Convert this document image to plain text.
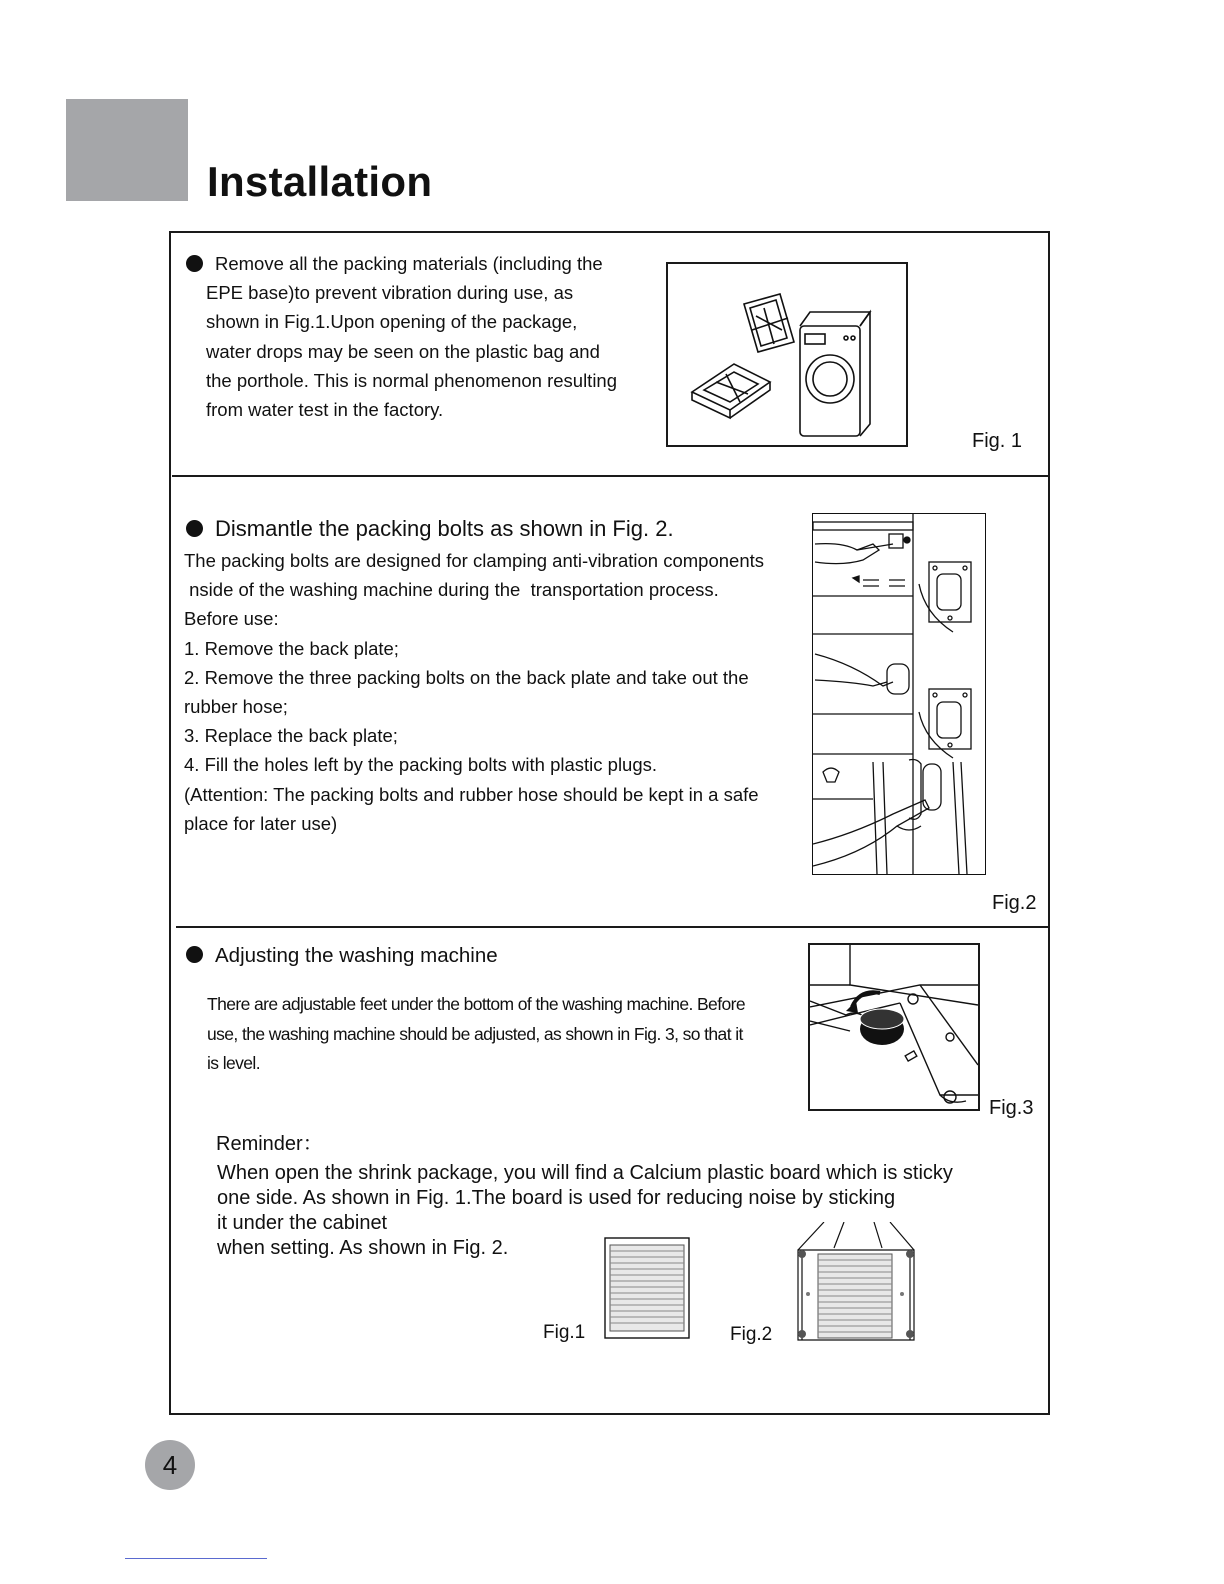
Installation
Remove all the packing materials (including the
EPE base)to prevent vibration during use, as
shown in Fig.1.Upon opening of the package,
water drops may be seen on the plastic bag and
the porthole. This is normal phenomenon resulting
from water test in the factory.
Fig. 1
Dismantle the packing bolts as shown in Fig. 2.
The packing bolts are designed for clamping anti-vibration components
nside of the washing machine during the  transportation process.
Before use:
1. Remove the back plate;
2. Remove the three packing bolts on the back plate and take out the
rubber hose;
3. Replace the back plate;
4. Fill the holes left by the packing bolts with plastic plugs.
(Attention: The packing bolts and rubber hose should be kept in a safe
place for later use)
Fig.2
Adjusting the washing machine
There are adjustable feet under the bottom of the washing machine. Before
use, the washing machine should be adjusted, as shown in Fig. 3, so that it
is level.
Fig.3
Reminder：
When open the shrink package, you will find a Calcium plastic board which is sticky
one side. As shown in Fig. 1.The board is used for reducing noise by sticking
it under the cabinet
when setting. As shown in Fig. 2.
Fig.1	Fig.2
4
